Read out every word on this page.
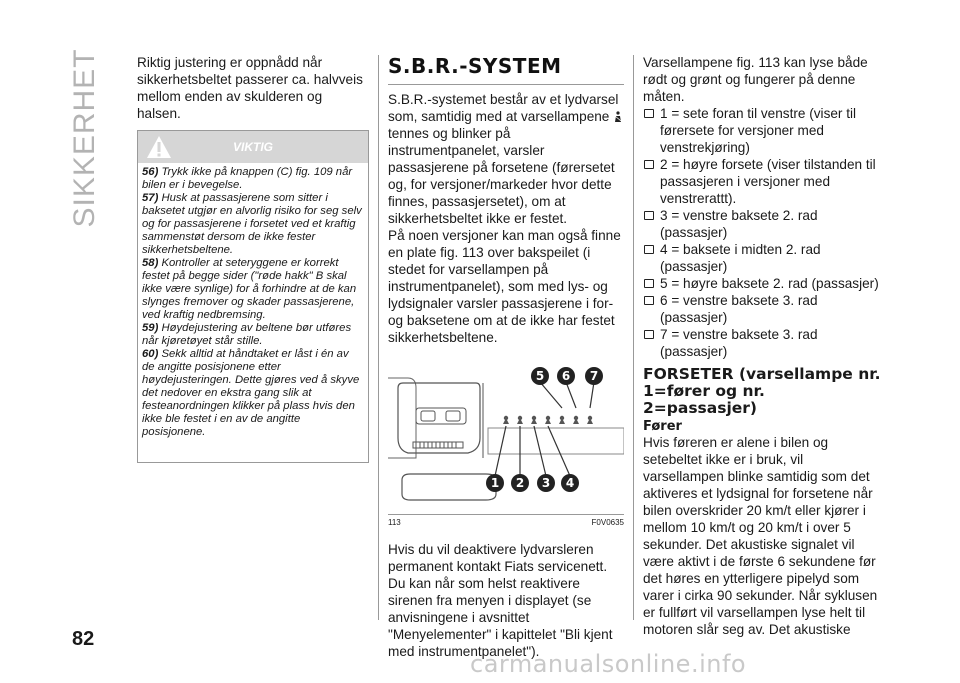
SIKKERHET
82
carmanualsonline.info

Riktig justering er oppnådd når sikkerhetsbeltet passerer ca. halvveis mellom enden av skulderen og halsen.

VIKTIG
56) Trykk ikke på knappen (C) fig. 109 når bilen er i bevegelse.
57) Husk at passasjerene som sitter i baksetet utgjør en alvorlig risiko for seg selv og for passasjerene i forsetet ved et kraftig sammenstøt dersom de ikke fester sikkerhetsbeltene.
58) Kontroller at seteryggene er korrekt festet på begge sider ("røde hakk" B skal ikke være synlige) for å forhindre at de kan slynges fremover og skader passasjerene, ved kraftig nedbremsing.
59) Høydejustering av beltene bør utføres når kjøretøyet står stille.
60) Sekk alltid at håndtaket er låst i én av de angitte posisjonene etter høydejusteringen. Dette gjøres ved å skyve det nedover en ekstra gang slik at festeanordningen klikker på plass hvis den ikke ble festet i en av de angitte posisjonene.
S.B.R.-SYSTEM

S.B.R.-systemet består av et lydvarsel som, samtidig med at varsellampene  tennes og blinker på instrumentpanelet, varsler passasjerene på forsetene (førersetet og, for versjoner/markeder hvor dette finnes, passasjersetet), om at sikkerhetsbeltet ikke er festet.

På noen versjoner kan man også finne en plate fig. 113 over bakspeilet (i stedet for varsellampen på instrumentpanelet), som med lys- og lydsignaler varsler passasjerene i for- og baksetene om at de ikke har festet sikkerhetsbeltene.

5 6 7
1 2 3 4
113	F0V0635

Hvis du vil deaktivere lydvarsleren permanent kontakt Fiats servicenett. Du kan når som helst reaktivere sirenen fra menyen i displayet (se anvisningene i avsnittet "Menyelementer" i kapittelet "Bli kjent med instrumentpanelet").

Varsellampene fig. 113 kan lyse både rødt og grønt og fungerer på denne måten.

1 = sete foran til venstre (viser til førersete for versjoner med venstrekjøring)

2 = høyre forsete (viser tilstanden til passasjeren i versjoner med venstrerattt).

3 = venstre baksete 2. rad (passasjer)

4 = baksete i midten 2. rad (passasjer)

5 = høyre baksete 2. rad (passasjer)

6 = venstre baksete 3. rad (passasjer)

7 = venstre baksete 3. rad (passasjer)

FORSETER (varsellampe nr. 1=fører og nr. 2=passasjer)
Fører

Hvis føreren er alene i bilen og setebeltet ikke er i bruk, vil varsellampen blinke samtidig som det aktiveres et lydsignal for forsetene når bilen overskrider 20 km/t eller kjører i mellom 10 km/t og 20 km/t i over 5 sekunder. Det akustiske signalet vil være aktivt i de første 6 sekundene før det høres en ytterligere pipelyd som varer i cirka 90 sekunder. Når syklusen er fullført vil varsellampen lyse helt til motoren slår seg av. Det akustiske
